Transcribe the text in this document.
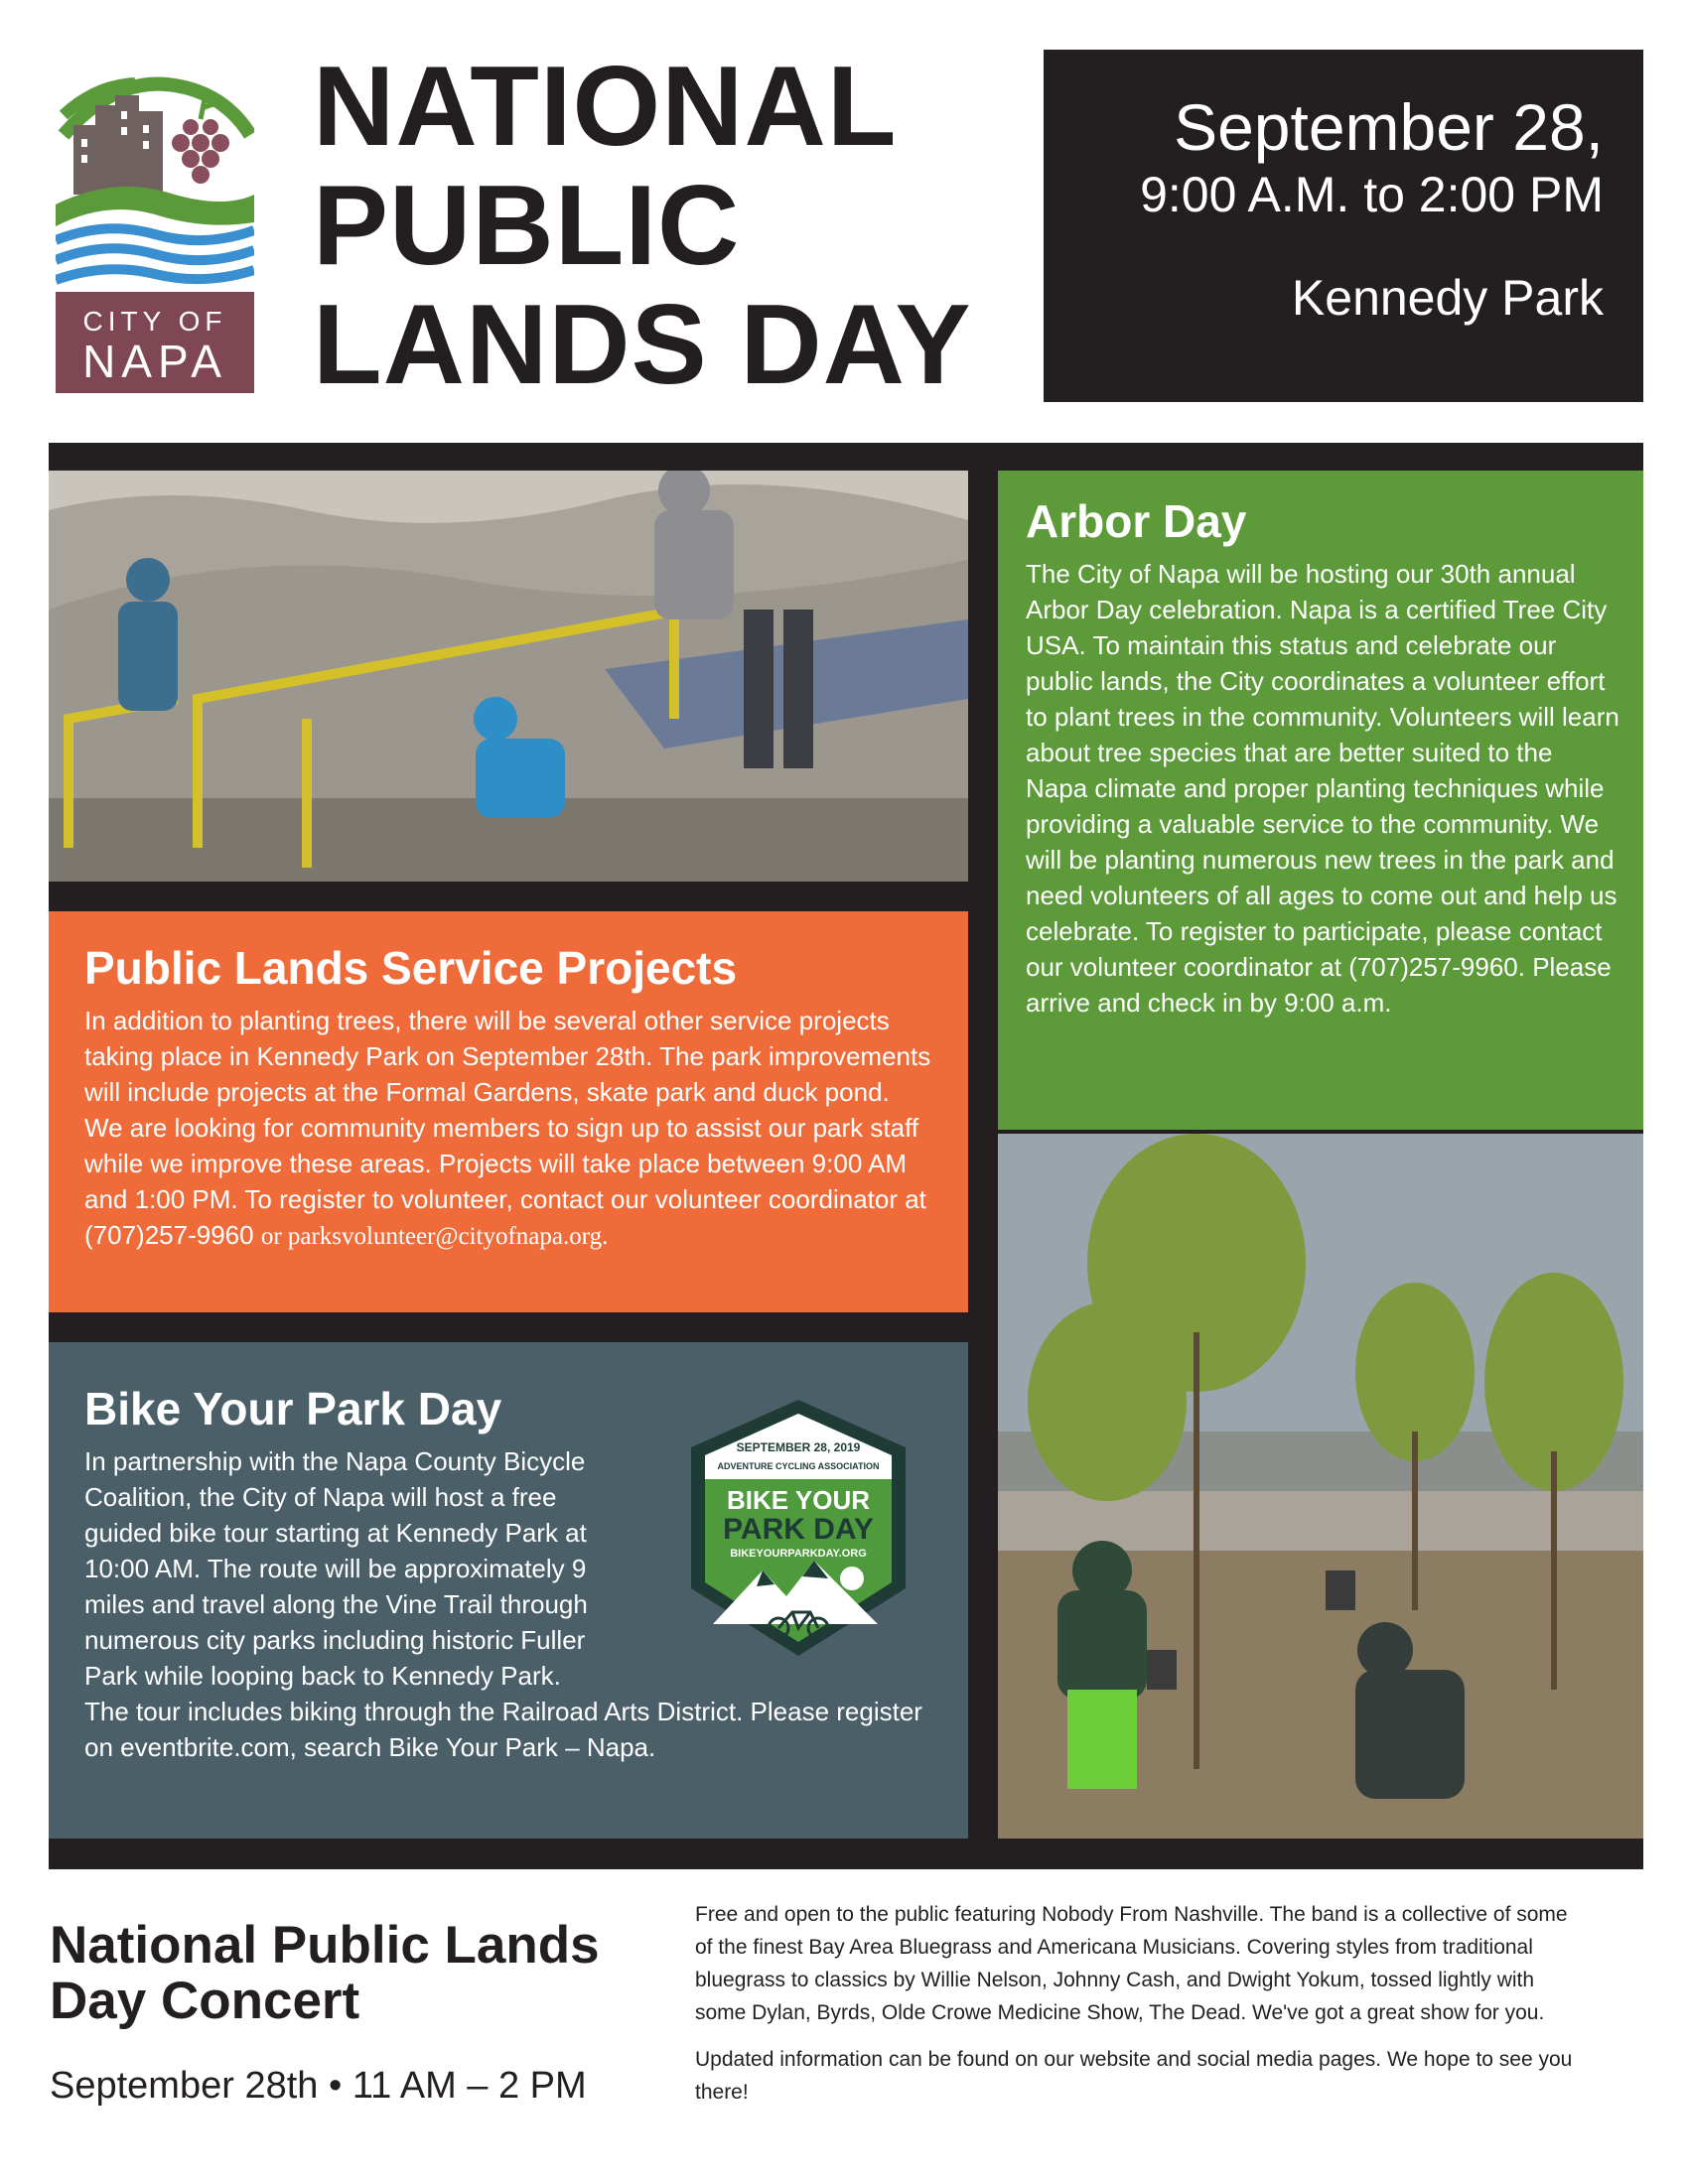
CITY OF
NAPA
NATIONAL
PUBLIC
LANDS DAY
September 28,
9:00 A.M. to 2:00 PM
Kennedy Park
Arbor Day

The City of Napa will be hosting our 30th annual Arbor Day celebration. Napa is a certified Tree City USA. To maintain this status and celebrate our public lands, the City coordinates a volunteer effort to plant trees in the community. Volunteers will learn about tree species that are better suited to the Napa climate and proper planting techniques while providing a valuable service to the community. We will be planting numerous new trees in the park and need volunteers of all ages to come out and help us celebrate. To register to participate, please contact our volunteer coordinator at (707)257-9960. Please arrive and check in by 9:00 a.m.

Public Lands Service Projects

In addition to planting trees, there will be several other service projects taking place in Kennedy Park on September 28th. The park improvements will include projects at the Formal Gardens, skate park and duck pond. We are looking for community members to sign up to assist our park staff while we improve these areas. Projects will take place between 9:00 AM and 1:00 PM. To register to volunteer, contact our volunteer coordinator at (707)257-9960 or parksvolunteer@cityofnapa.org.

Bike Your Park Day

In partnership with the Napa County Bicycle Coalition, the City of Napa will host a free guided bike tour starting at Kennedy Park at 10:00 AM. The route will be approximately 9 miles and travel along the Vine Trail through numerous city parks including historic Fuller Park while looping back to Kennedy Park.

The tour includes biking through the Railroad Arts District. Please register on eventbrite.com, search Bike Your Park – Napa.

SEPTEMBER 28, 2019
ADVENTURE CYCLING ASSOCIATION
BIKE YOUR
PARK DAY
BIKEYOURPARKDAY.ORG
National Public Lands
Day Concert
September 28th • 11 AM – 2 PM

Free and open to the public featuring Nobody From Nashville. The band is a collective of some of the finest Bay Area Bluegrass and Americana Musicians. Covering styles from traditional bluegrass to classics by Willie Nelson, Johnny Cash, and Dwight Yokum, tossed lightly with some Dylan, Byrds, Olde Crowe Medicine Show, The Dead. We've got a great show for you.

Updated information can be found on our website and social media pages. We hope to see you there!
